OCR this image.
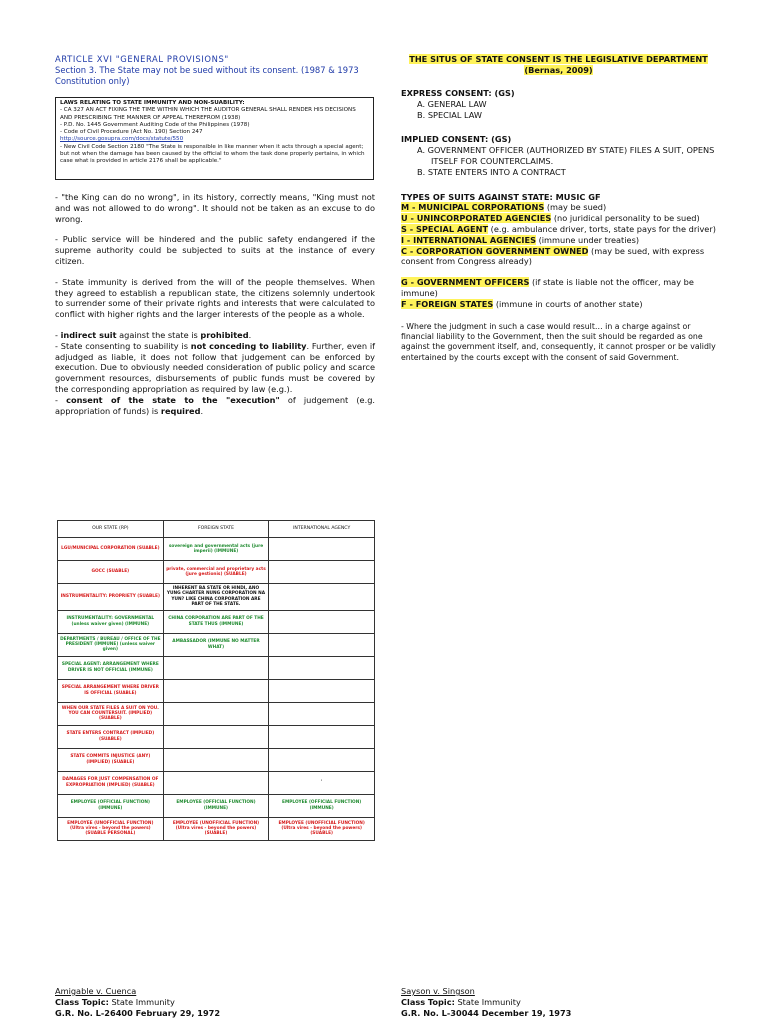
ARTICLE XVI "GENERAL PROVISIONS"
Section 3. The State may not be sued without its consent. (1987 & 1973 Constitution only)
LAWS RELATING TO STATE IMMUNITY AND NON-SUABILITY:
- CA 327 AN ACT FIXING THE TIME WITHIN WHICH THE AUDITOR GENERAL SHALL RENDER HIS DECISIONS AND PRESCRIBING THE MANNER OF APPEAL THEREFROM (1938)
- P.D. No. 1445 Government Auditing Code of the Philippines (1978)
- Code of Civil Procedure (Act No. 190) Section 247
http://source.gosupra.com/docs/statute/550
- New Civil Code Section 2180 "The State is responsible in like manner when it acts through a special agent; but not when the damage has been caused by the official to whom the task done properly pertains, in which case what is provided in article 2176 shall be applicable."

- "the King can do no wrong", in its history, correctly means, "King must not and was not allowed to do wrong". It should not be taken as an excuse to do wrong.

- Public service will be hindered and the public safety endangered if the supreme authority could be subjected to suits at the instance of every citizen.

- State immunity is derived from the will of the people themselves. When they agreed to establish a republican state, the citizens solemnly undertook to surrender some of their private rights and interests that were calculated to conflict with higher rights and the larger interests of the people as a whole.

- indirect suit against the state is prohibited.

- State consenting to suability is not conceding to liability. Further, even if adjudged as liable, it does not follow that judgement can be enforced by execution. Due to obviously needed consideration of public policy and scarce government resources, disbursements of public funds must be covered by the corresponding appropriation as required by law (e.g.).

- consent of the state to the "execution" of judgement (e.g. appropriation of funds) is required.

THE SITUS OF STATE CONSENT IS THE LEGISLATIVE DEPARTMENT
(Bernas, 2009)
EXPRESS CONSENT: (GS)
A. GENERAL LAW
B. SPECIAL LAW
IMPLIED CONSENT: (GS)
A. GOVERNMENT OFFICER (AUTHORIZED BY STATE) FILES A SUIT, OPENS ITSELF FOR COUNTERCLAIMS.
B. STATE ENTERS INTO A CONTRACT
TYPES OF SUITS AGAINST STATE: MUSIC GF
M - MUNICIPAL CORPORATIONS (may be sued)
U - UNINCORPORATED AGENCIES (no juridical personality to be sued)
S - SPECIAL AGENT (e.g. ambulance driver, torts, state pays for the driver)
I - INTERNATIONAL AGENCIES (immune under treaties)
C - CORPORATION GOVERNMENT OWNED (may be sued, with express consent from Congress already)
G - GOVERNMENT OFFICERS (if state is liable not the officer, may be immune)
F - FOREIGN STATES (immune in courts of another state)

- Where the judgment in such a case would result… in a charge against or financial liability to the Government, then the suit should be regarded as one against the government itself, and, consequently, it cannot prosper or be validly entertained by the courts except with the consent of said Government.

OUR STATE (RP)	FOREIGN STATE	INTERNATIONAL AGENCY
LGU/MUNICIPAL CORPORATION (SUABLE)	sovereign and governmental acts (jure imperii) (IMMUNE)	
GOCC (SUABLE)	private, commercial and proprietary acts (jure gestionis) (SUABLE)	
INSTRUMENTALITY: PROPRIETY (SUABLE)	INHERENT BA STATE OR HINDI, ANO YUNG CHARTER NUNG CORPORATION NA YUN? LIKE CHINA CORPORATION ARE PART OF THE STATE.	
INSTRUMENTALITY: GOVERNMENTAL (unless waiver given) (IMMUNE)	CHINA CORPORATION ARE PART OF THE STATE THUS (IMMUNE)	
DEPARTMENTS / BUREAU / OFFICE OF THE PRESIDENT (IMMUNE) (unless waiver given)	AMBASSADOR (IMMUNE NO MATTER WHAT)	
SPECIAL AGENT: ARRANGEMENT WHERE DRIVER IS NOT OFFICIAL (IMMUNE)		
SPECIAL ARRANGEMENT WHERE DRIVER IS OFFICIAL (SUABLE)		
WHEN OUR STATE FILES A SUIT ON YOU. YOU CAN COUNTERSUIT. (IMPLIED) (SUABLE)		
STATE ENTERS CONTRACT (IMPLIED) (SUABLE)		
STATE COMMITS INJUSTICE (ANY) (IMPLIED) (SUABLE)		
DAMAGES FOR JUST COMPENSATION OF EXPROPRIATION (IMPLIED) (SUABLE)		'
EMPLOYEE (OFFICIAL FUNCTION) (IMMUNE)	EMPLOYEE (OFFICIAL FUNCTION) (IMMUNE)	EMPLOYEE (OFFICIAL FUNCTION) (IMMUNE)
EMPLOYEE (UNOFFICIAL FUNCTION) (Ultra vires - beyond the powers) (SUABLE PERSONAL)	EMPLOYEE (UNOFFICIAL FUNCTION) (Ultra vires - beyond the powers) (SUABLE)	EMPLOYEE (UNOFFICIAL FUNCTION) (Ultra vires - beyond the powers) (SUABLE)
Amigable v. Cuenca
Class Topic: State Immunity
G.R. No. L-26400 February 29, 1972
Sayson v. Singson
Class Topic: State Immunity
G.R. No. L-30044 December 19, 1973
